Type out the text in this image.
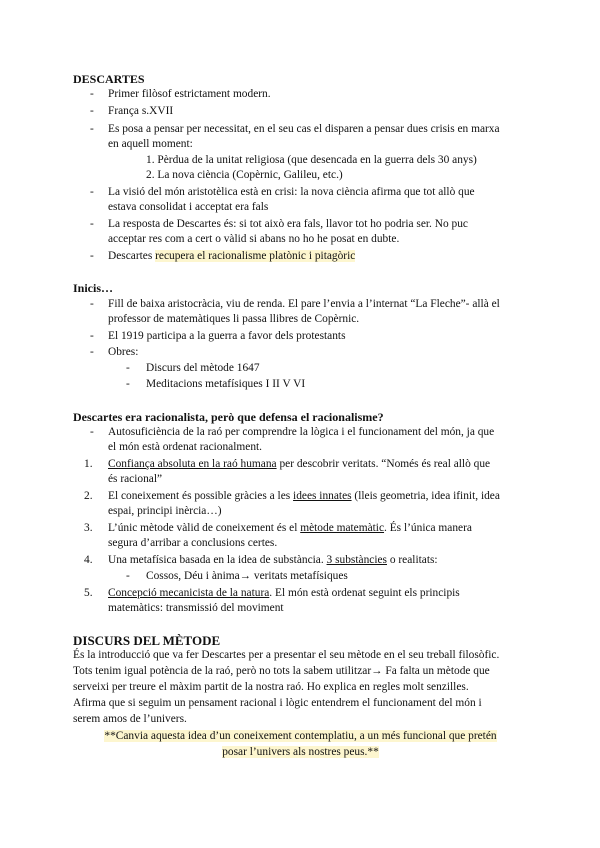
DESCARTES
- Primer filòsof estrictament modern.
- França s.XVII
- Es posa a pensar per necessitat, en el seu cas el disparen a pensar dues crisis en marxa
en aquell moment:
1. Pèrdua de la unitat religiosa (que desencada en la guerra dels 30 anys)
2. La nova ciència (Copèrnic, Galileu, etc.)
- La visió del món aristotèlica està en crisi: la nova ciència afirma que tot allò que
estava consolidat i acceptat era fals
- La resposta de Descartes és: si tot això era fals, llavor tot ho podria ser. No puc
acceptar res com a cert o vàlid si abans no ho he posat en dubte.
- Descartes recupera el racionalisme platònic i pitagòric
Inicis…
- Fill de baixa aristocràcia, viu de renda. El pare l’envia a l’internat “La Fleche”- allà el
professor de matemàtiques li passa llibres de Copèrnic.
- El 1919 participa a la guerra a favor dels protestants
- Obres:
- Discurs del mètode 1647
- Meditacions metafísiques I II V VI
Descartes era racionalista, però que defensa el racionalisme?
- Autosuficiència de la raó per comprendre la lògica i el funcionament del món, ja que
el món està ordenat racionalment.
1. Confiança absoluta en la raó humana per descobrir veritats. “Només és real allò que
és racional”
2. El coneixement és possible gràcies a les idees innates (lleis geometria, idea ifinit, idea
espai, principi inèrcia…)
3. L’únic mètode vàlid de coneixement és el mètode matemàtic. És l’única manera
segura d’arribar a conclusions certes.
4. Una metafísica basada en la idea de substància. 3 substàncies o realitats:
- Cossos, Déu i ànima→ veritats metafísiques
5. Concepció mecanicista de la natura. El món està ordenat seguint els principis
matemàtics: transmissió del moviment
DISCURS DEL MÈTODE
És la introducció que va fer Descartes per a presentar el seu mètode en el seu treball filosòfic.
Tots tenim igual potència de la raó, però no tots la sabem utilitzar→ Fa falta un mètode que
serveixi per treure el màxim partit de la nostra raó. Ho explica en regles molt senzilles.
Afirma que si seguim un pensament racional i lògic entendrem el funcionament del món i
serem amos de l’univers.
**Canvia aquesta idea d’un coneixement contemplatiu, a un més funcional que pretén
posar l’univers als nostres peus.**
